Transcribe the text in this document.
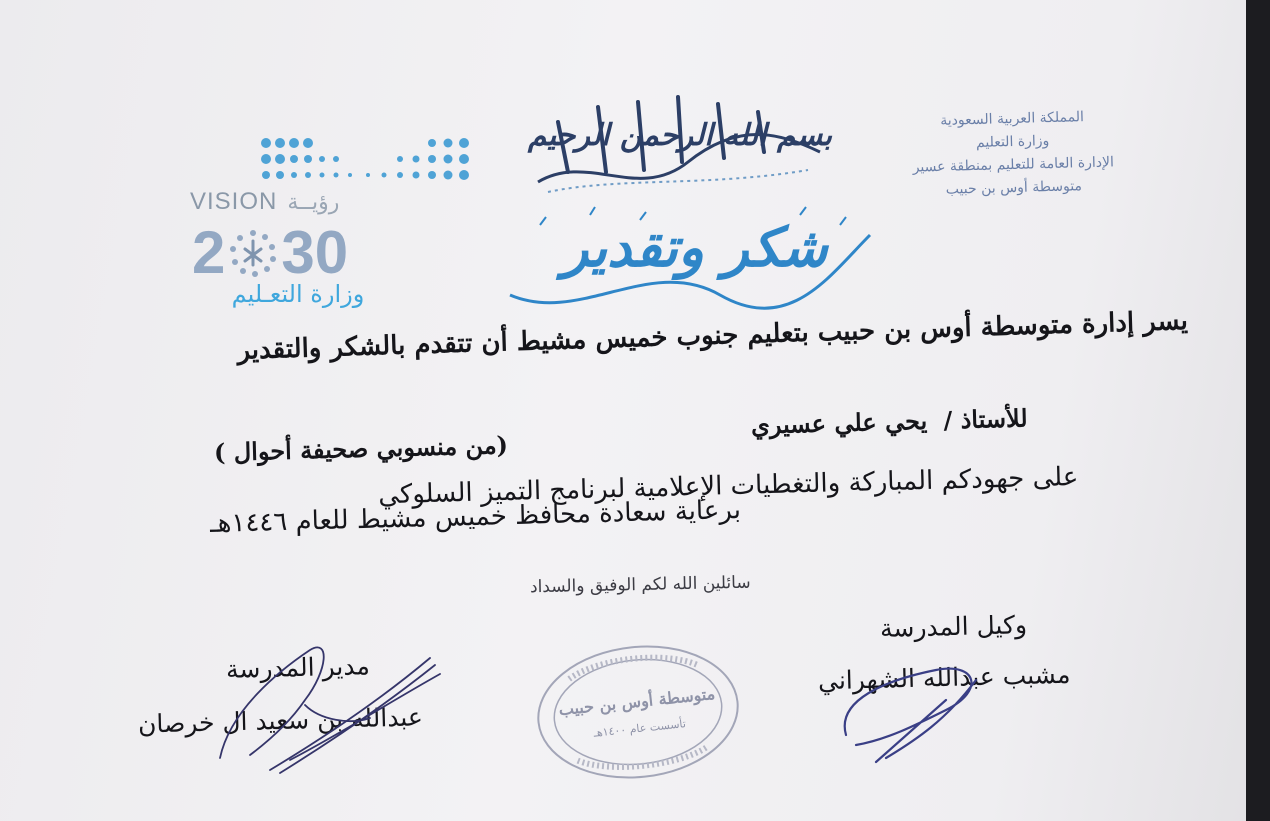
المملكة العربية السعودية
وزارة التعليم
الإدارة العامة للتعليم بمنطقة عسير
متوسطة أوس بن حبيب
بسم الله الرحمن الرحيم
شكر وتقدير
VISION رؤيــة
2 30
وزارة التعـليم
يسر إدارة متوسطة أوس بن حبيب بتعليم جنوب خميس مشيط أن تتقدم بالشكر والتقدير
للأستاذ / يحي علي عسيري
(من منسوبي صحيفة أحوال )
على جهودكم المباركة والتغطيات الإعلامية لبرنامج التميز السلوكي
برعاية سعادة محافظ خميس مشيط للعام ١٤٤٦هـ
سائلين الله لكم الوفيق والسداد
متوسطة أوس بن حبيب
تأسست عام ١٤٠٠هـ
وكيل المدرسة
مشبب عبدالله الشهراني
مدير المدرسة
عبدالله بن سعيد ال خرصان
